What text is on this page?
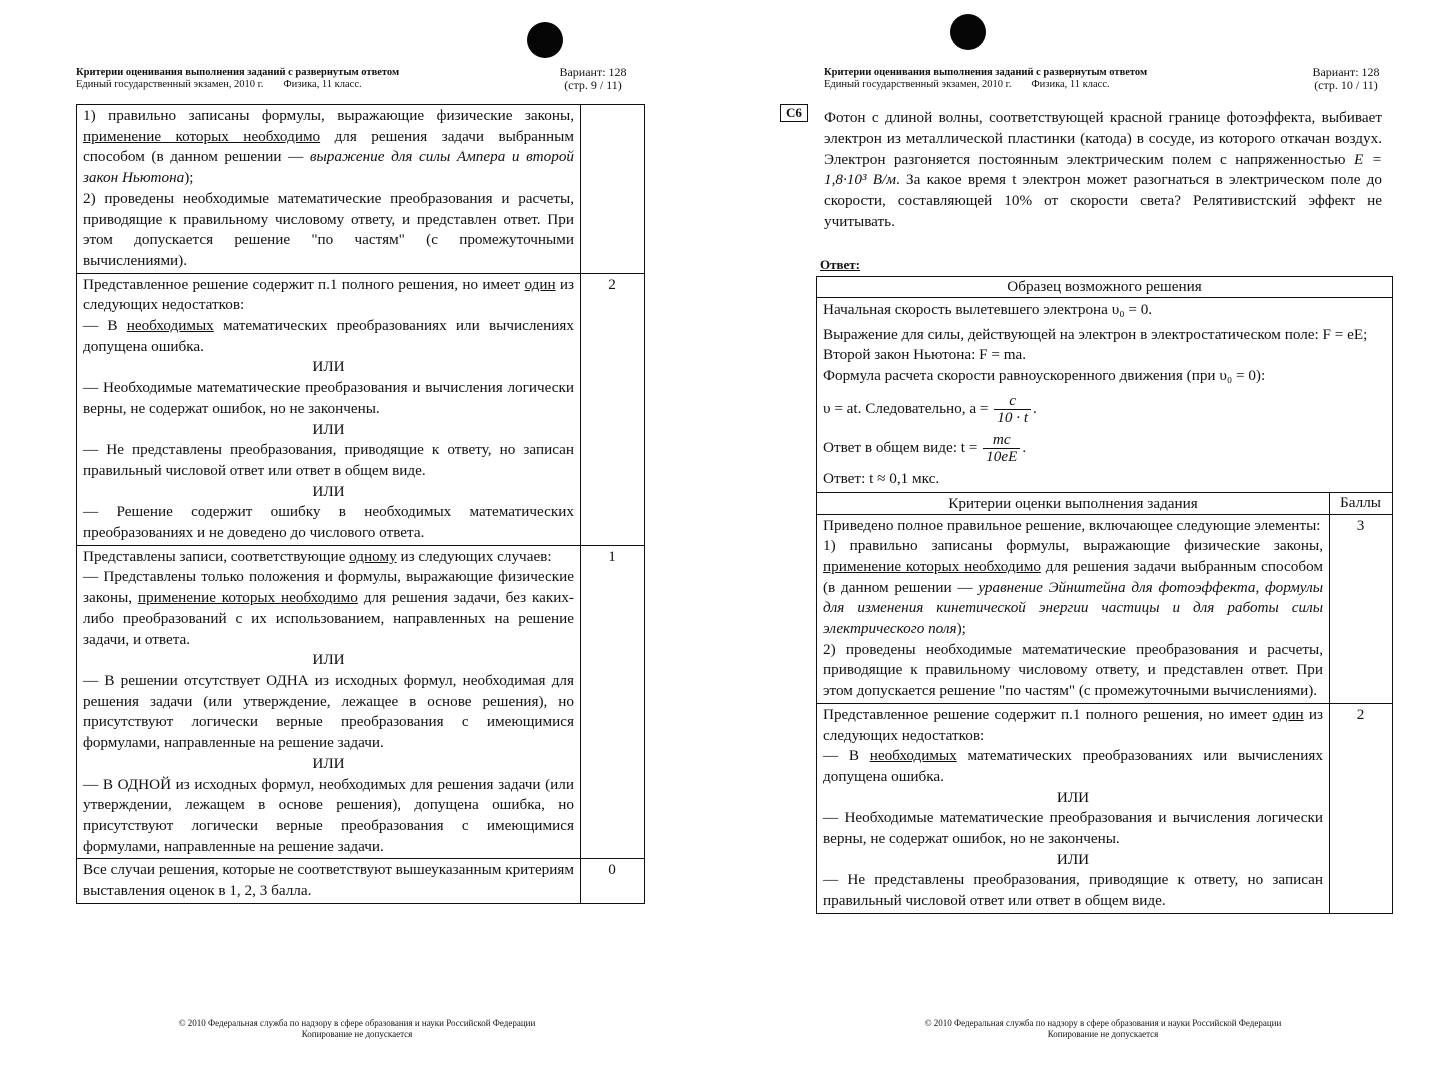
Критерии оценивания выполнения заданий с развернутым ответом
Единый государственный экзамен, 2010 г. Физика, 11 класс.
Вариант: 128
(стр. 9 / 11)

1) правильно записаны формулы, выражающие физические законы, применение которых необходимо для решения задачи выбранным способом (в данном решении — выражение для силы Ампера и второй закон Ньютона);

2) проведены необходимые математические преобразования и расчеты, приводящие к правильному числовому ответу, и представлен ответ. При этом допускается решение "по частям" (с промежуточными вычислениями).

Представленное решение содержит п.1 полного решения, но имеет один из следующих недостатков:

— В необходимых математических преобразованиях или вычислениях допущена ошибка.

ИЛИ

— Необходимые математические преобразования и вычисления логически верны, не содержат ошибок, но не закончены.

ИЛИ

— Не представлены преобразования, приводящие к ответу, но записан правильный числовой ответ или ответ в общем виде.

ИЛИ

— Решение содержит ошибку в необходимых математических преобразованиях и не доведено до числового ответа.

2

Представлены записи, соответствующие одному из следующих случаев:

— Представлены только положения и формулы, выражающие физические законы, применение которых необходимо для решения задачи, без каких-либо преобразований с их использованием, направленных на решение задачи, и ответа.

ИЛИ

— В решении отсутствует ОДНА из исходных формул, необходимая для решения задачи (или утверждение, лежащее в основе решения), но присутствуют логически верные преобразования с имеющимися формулами, направленные на решение задачи.

ИЛИ

— В ОДНОЙ из исходных формул, необходимых для решения задачи (или утверждении, лежащем в основе решения), допущена ошибка, но присутствуют логически верные преобразования с имеющимися формулами, направленные на решение задачи.

1

Все случаи решения, которые не соответствуют вышеуказанным критериям выставления оценок в 1, 2, 3 балла.

0
© 2010 Федеральная служба по надзору в сфере образования и науки Российской Федерации
Копирование не допускается
Критерии оценивания выполнения заданий с развернутым ответом
Единый государственный экзамен, 2010 г. Физика, 11 класс.
Вариант: 128
(стр. 10 / 11)
С6	Фотон с длиной волны, соответствующей красной границе фотоэффекта, выбивает электрон из металлической пластинки (катода) в сосуде, из которого откачан воздух. Электрон разгоняется постоянным электрическим полем с напряженностью E = 1,8·10³ В/м. За какое время t электрон может разогнаться в электрическом поле до скорости, составляющей 10% от скорости света? Релятивистский эффект не учитывать.
Ответ:
Образец возможного решения

Начальная скорость вылетевшего электрона υ₀ = 0.

Выражение для силы, действующей на электрон в электростатическом поле: F = eE;

Второй закон Ньютона: F = ma.

Формула расчета скорости равноускоренного движения (при υ₀ = 0):

υ = at. Следовательно, $a = \frac{c}{10 \cdot t}$ .
Ответ в общем виде: $t = \frac{mc}{10eE}$ .

Ответ: t ≈ 0,1 мкс.

Критерии оценки выполнения задания	Баллы

Приведено полное правильное решение, включающее следующие элементы:

1) правильно записаны формулы, выражающие физические законы, применение которых необходимо для решения задачи выбранным способом (в данном решении — уравнение Эйнштейна для фотоэффекта, формулы для изменения кинетической энергии частицы и для работы силы электрического поля);

2) проведены необходимые математические преобразования и расчеты, приводящие к правильному числовому ответу, и представлен ответ. При этом допускается решение "по частям" (с промежуточными вычислениями).

3

Представленное решение содержит п.1 полного решения, но имеет один из следующих недостатков:

— В необходимых математических преобразованиях или вычислениях допущена ошибка.

ИЛИ

— Необходимые математические преобразования и вычисления логически верны, не содержат ошибок, но не закончены.

ИЛИ

— Не представлены преобразования, приводящие к ответу, но записан правильный числовой ответ или ответ в общем виде.

2
© 2010 Федеральная служба по надзору в сфере образования и науки Российской Федерации
Копирование не допускается
